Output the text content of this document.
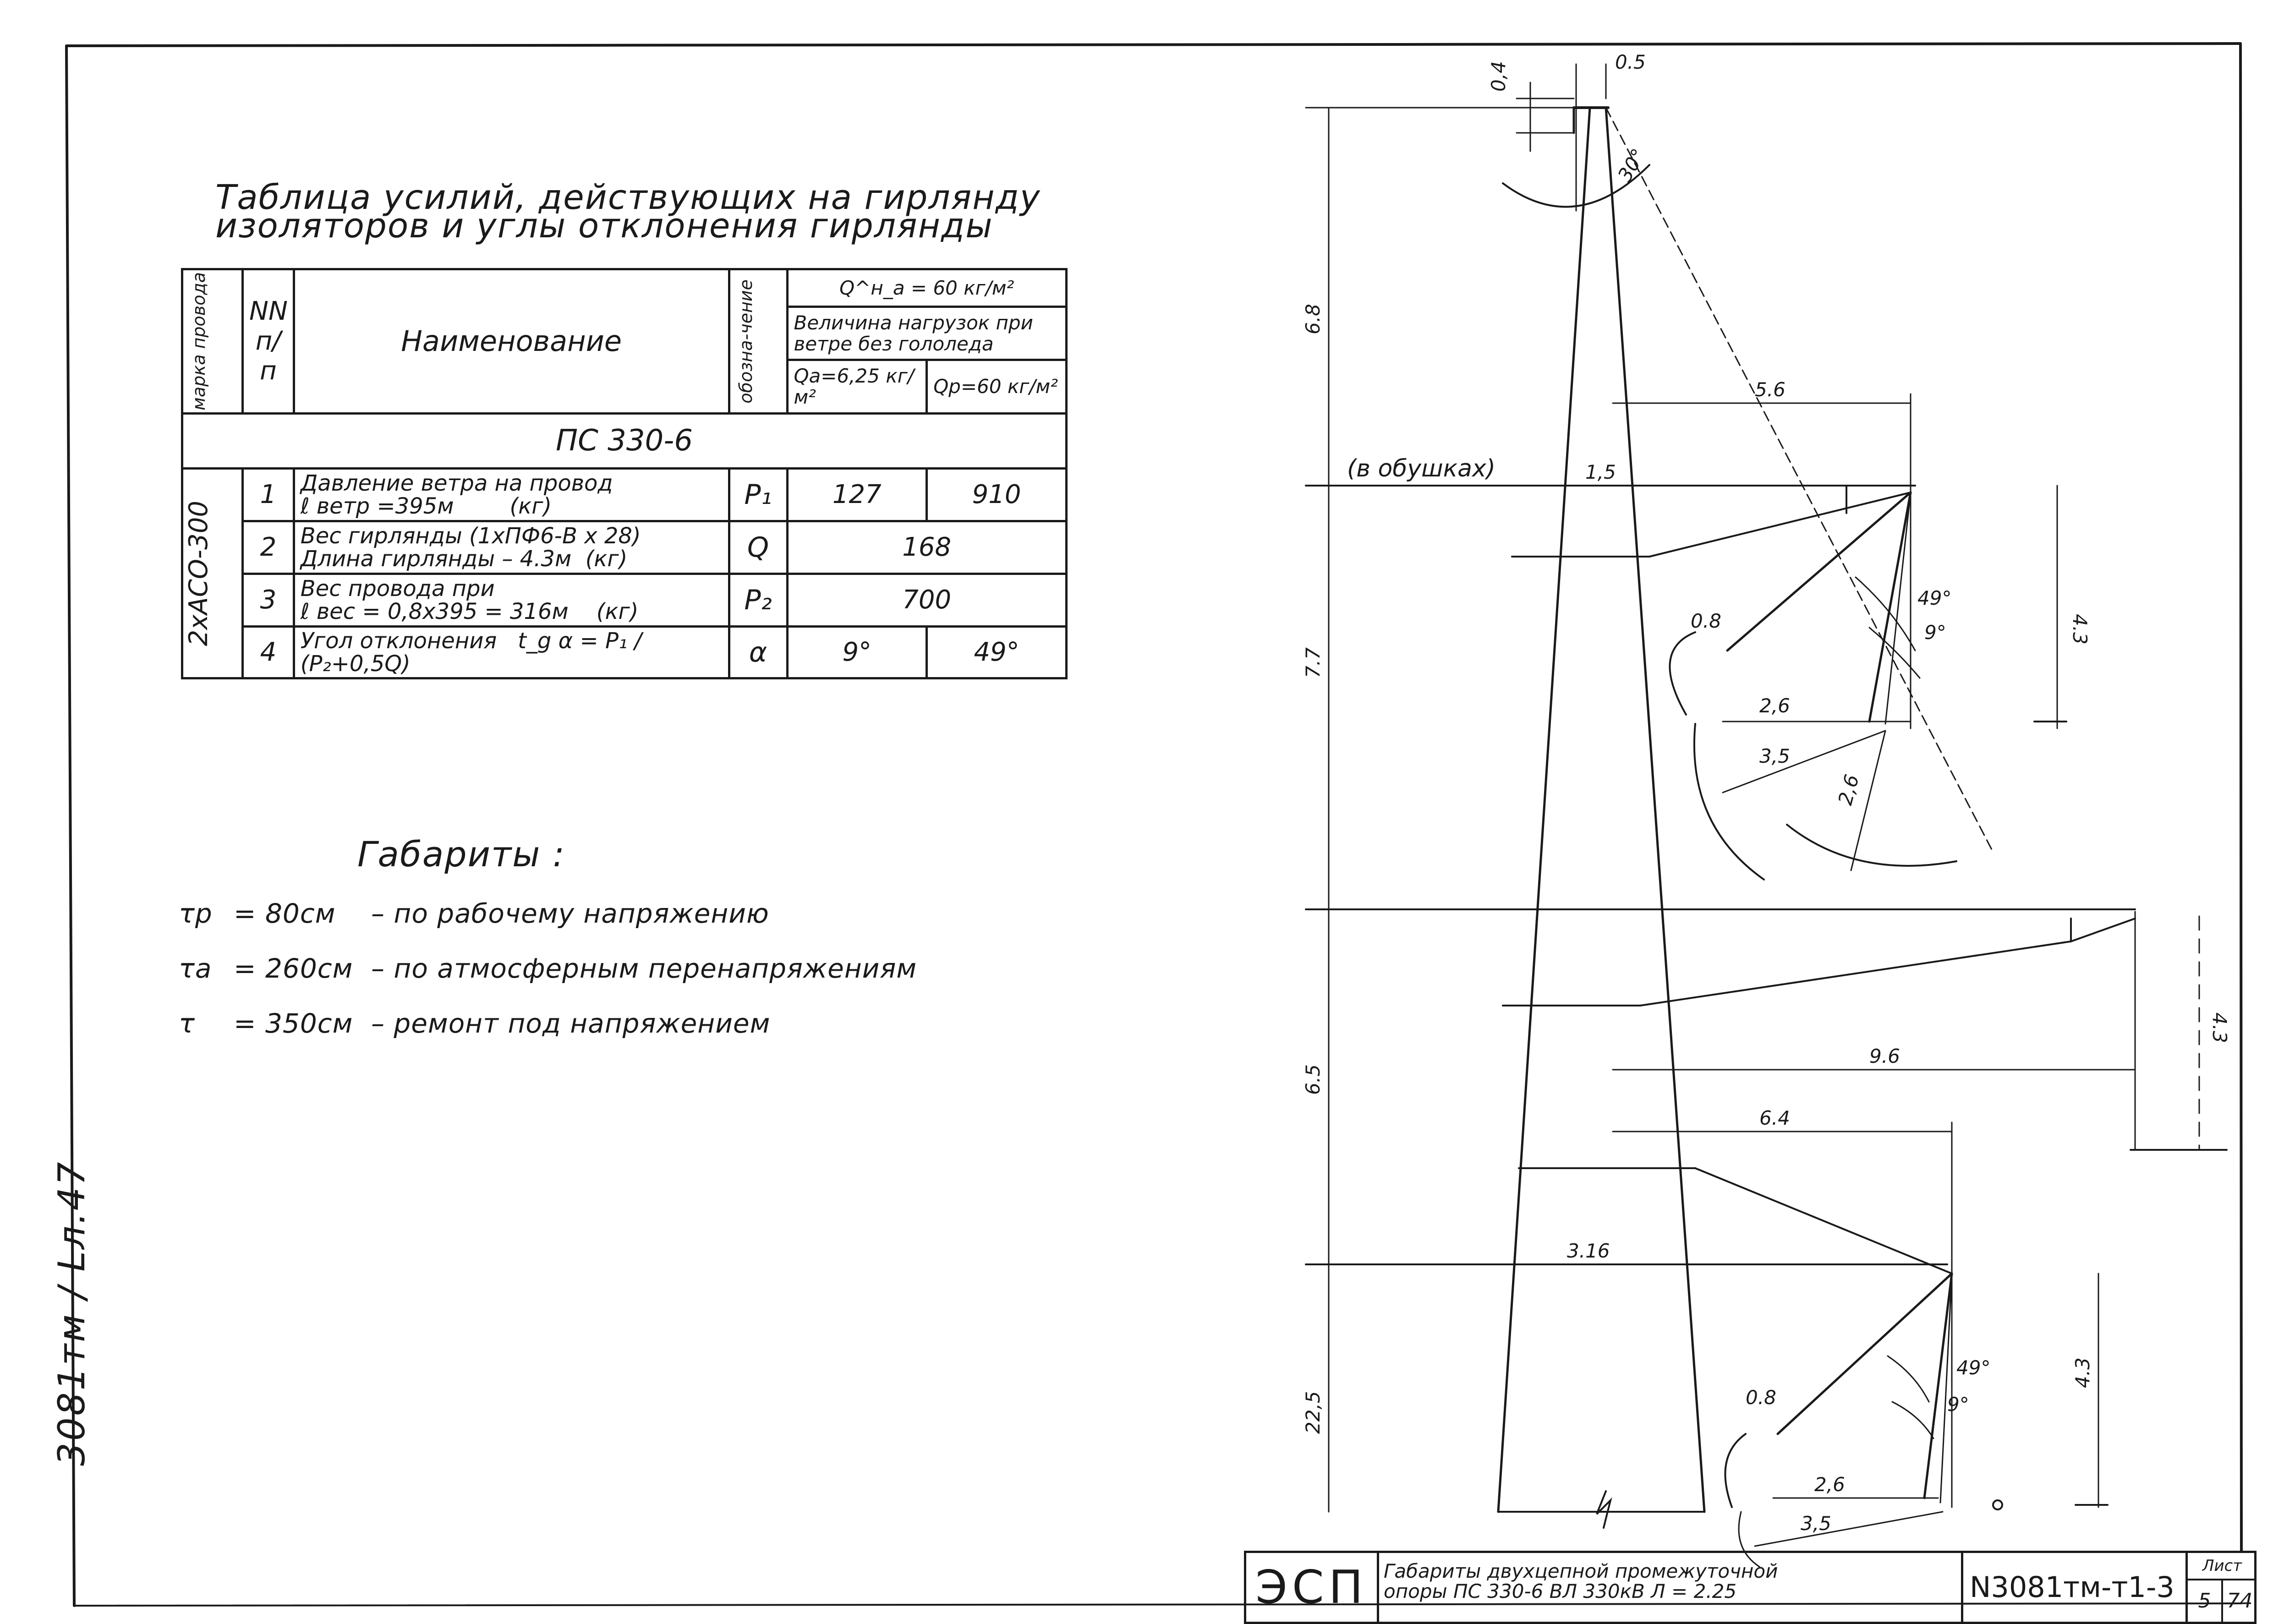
0,4	0.5
30°
6.8
5.6
(в обушках)	1,5
7.7
4.3
49°
9°
0.8
2,6
3,5
2,6
6.5
4.3
9.6
6.4
3.16
22,5
4.3
49°
9°
0.8
2,6
3,5
Таблица усилий, действующих на гирлянду
изоляторов и углы отклонения гирлянды
марка провода	NN п/п	Наименование	обозна-чение	Q^н_a = 60 кг/м²	
				Величина нагрузок при ветре без гололеда	
				Qa=6,25 кг/м²	Qp=60 кг/м²
ПС 330-6					

2хАСО-300	1	Давление ветра на провод
ℓ ветр =395м (кг)	P₁	127	910
	2	Вес гирлянды (1хПФ6-В х 28)
Длина гирлянды – 4.3м (кг)	Q	168	
	3	Вес провода при
ℓ вес = 0,8х395 = 316м (кг)	P₂	700	
	4	Угол отклонения t_g α = P₁ / (P₂+0,5Q)	α	9°	49°
Габариты :
τр = 80см – по рабочему напряжению
τа = 260см – по атмосферным перенапряжениям
τ = 350см – ремонт под напряжением
3081тм / Lл.47
ЭСП Габариты двухцепной промежуточной
опоры ПС 330-6 ВЛ 330кВ Л = 2.25	N3081тм-т1-3
Лист
5 74
